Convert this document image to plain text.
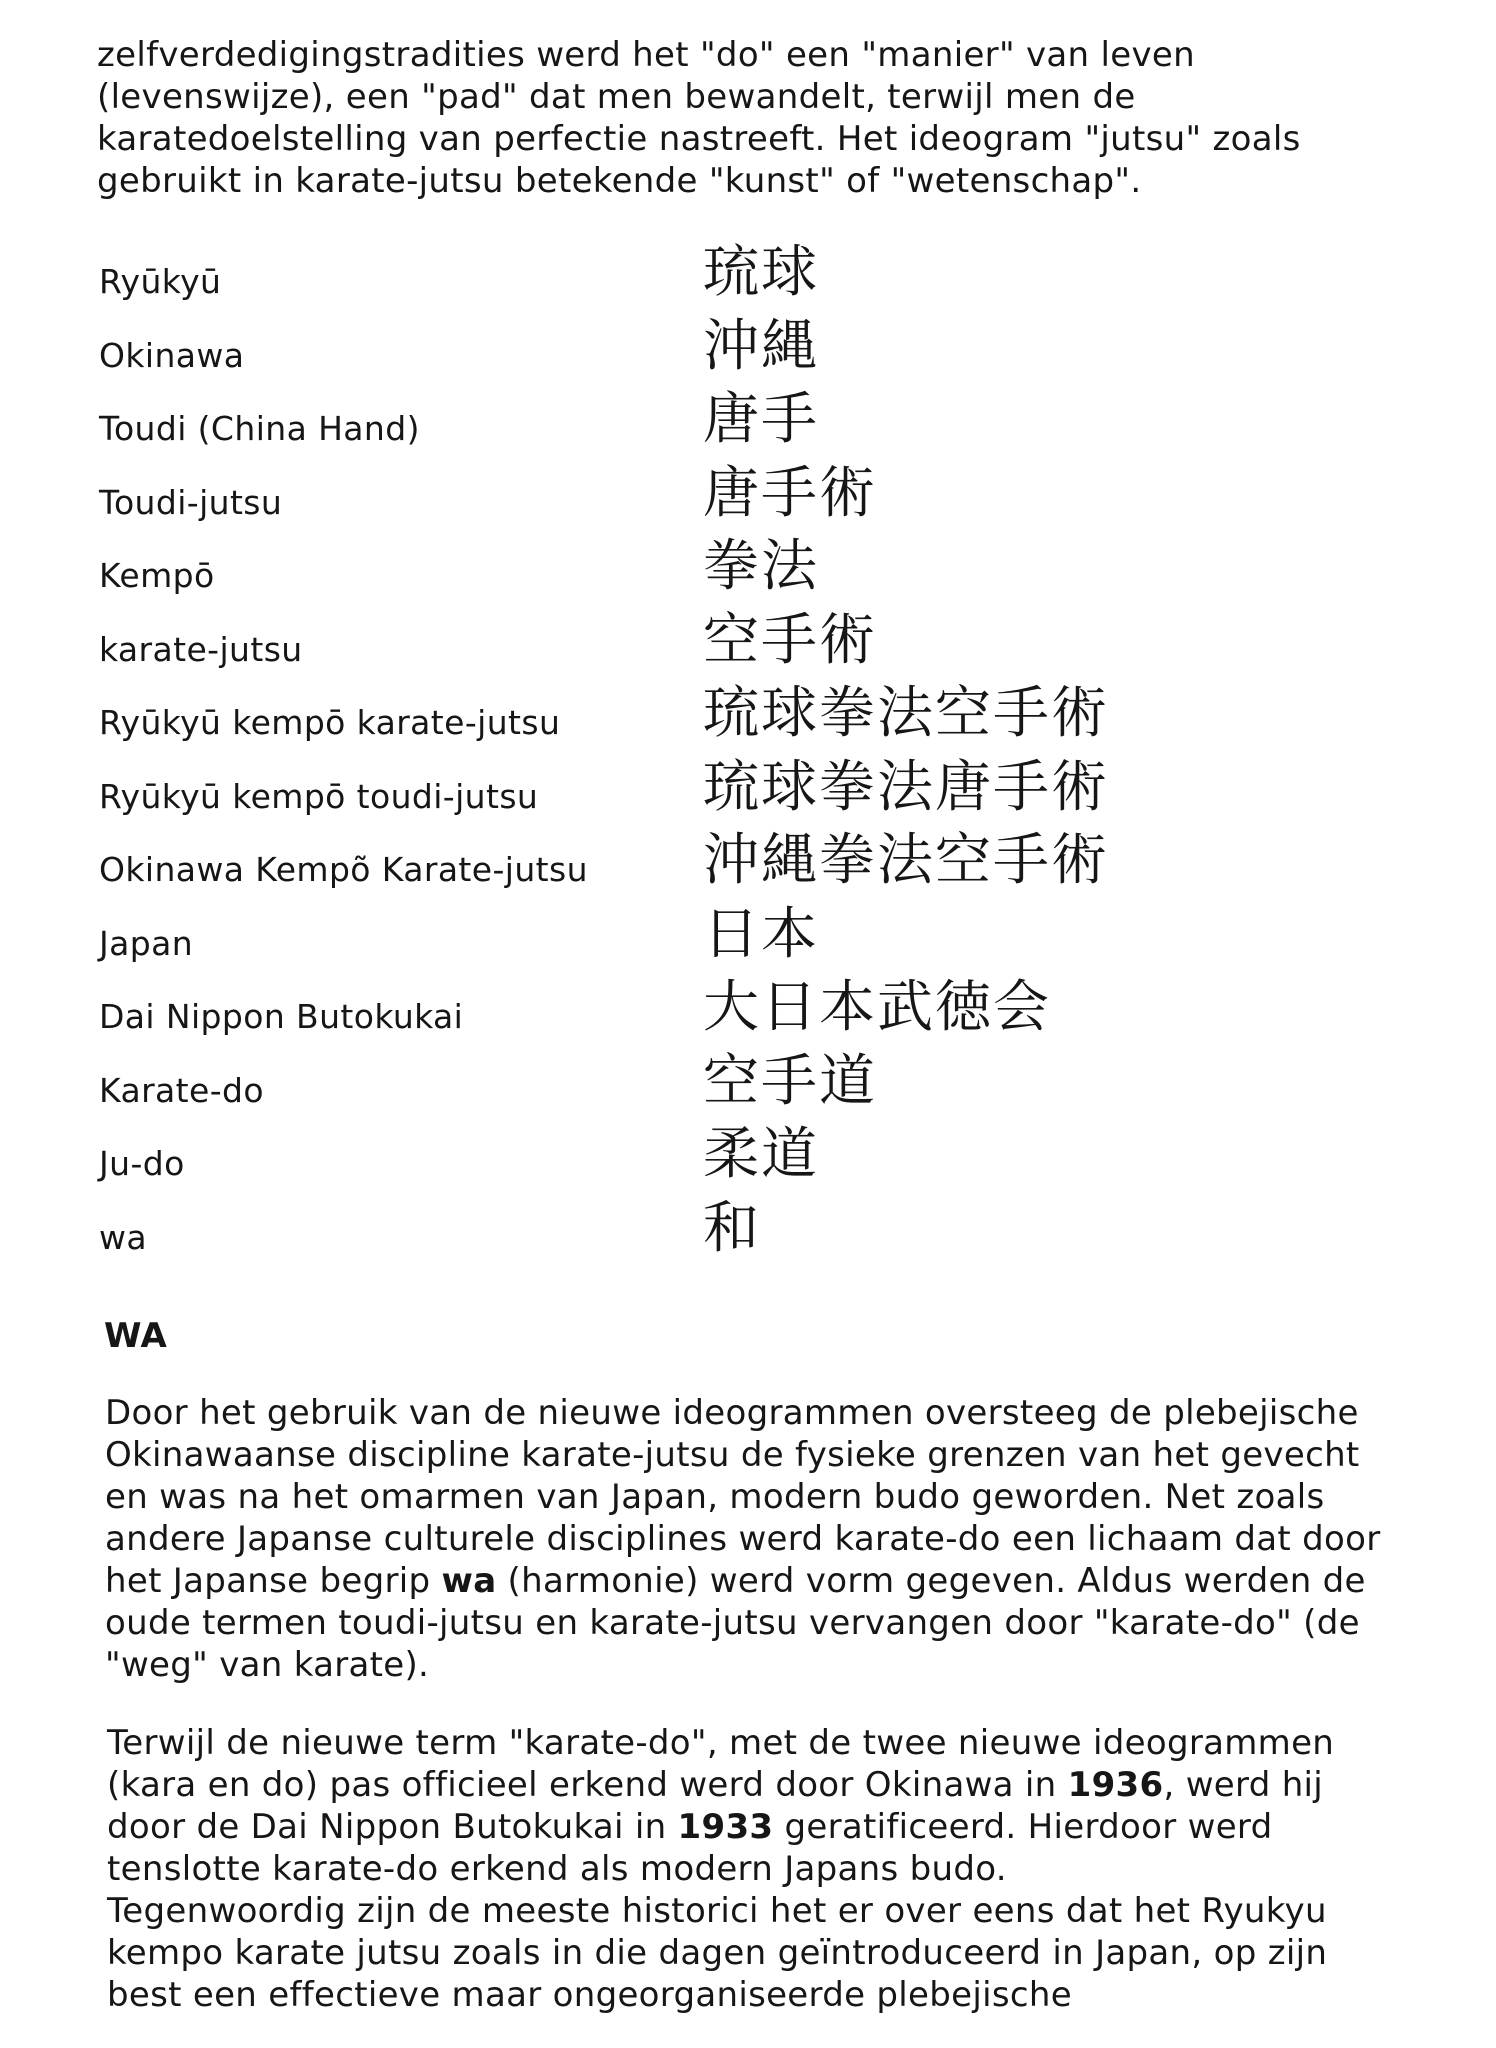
zelfverdedigingstradities werd het "do" een "manier" van leven
(levenswijze), een "pad" dat men bewandelt, terwijl men de
karatedoelstelling van perfectie nastreeft. Het ideogram "jutsu" zoals
gebruikt in karate-jutsu betekende "kunst" of "wetenschap".

Ryūkyū	琉球
Okinawa	沖縄
Toudi (China Hand)	唐手
Toudi-jutsu	唐手術
Kempō	拳法
karate-jutsu	空手術
Ryūkyū kempō karate-jutsu	琉球拳法空手術
Ryūkyū kempō toudi-jutsu	琉球拳法唐手術
Okinawa Kempõ Karate-jutsu 沖縄拳法空手術
Japan	日本
Dai Nippon Butokukai	大日本武徳会
Karate-do	空手道
Ju-do	柔道
wa	和
WA

Door het gebruik van de nieuwe ideogrammen oversteeg de plebejische
Okinawaanse discipline karate-jutsu de fysieke grenzen van het gevecht
en was na het omarmen van Japan, modern budo geworden. Net zoals
andere Japanse culturele disciplines werd karate-do een lichaam dat door
het Japanse begrip wa (harmonie) werd vorm gegeven. Aldus werden de
oude termen toudi-jutsu en karate-jutsu vervangen door "karate-do" (de
"weg" van karate).

Terwijl de nieuwe term "karate-do", met de twee nieuwe ideogrammen
(kara en do) pas officieel erkend werd door Okinawa in 1936, werd hij
door de Dai Nippon Butokukai in 1933 geratificeerd. Hierdoor werd
tenslotte karate-do erkend als modern Japans budo.
Tegenwoordig zijn de meeste historici het er over eens dat het Ryukyu
kempo karate jutsu zoals in die dagen geïntroduceerd in Japan, op zijn
best een effectieve maar ongeorganiseerde plebejische
